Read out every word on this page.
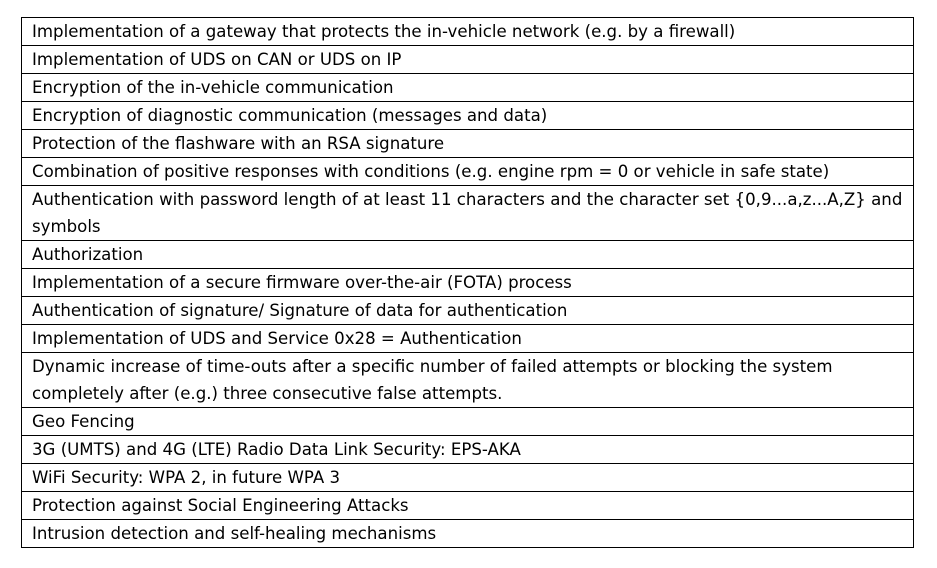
Implementation of a gateway that protects the in-vehicle network (e.g. by a firewall)

Implementation of UDS on CAN or UDS on IP

Encryption of the in-vehicle communication

Encryption of diagnostic communication (messages and data)

Protection of the flashware with an RSA signature

Combination of positive responses with conditions (e.g. engine rpm = 0 or vehicle in safe state)

Authentication with password length of at least 11 characters and the character set {0,9...a,z...A,Z} and symbols

Authorization

Implementation of a secure firmware over-the-air (FOTA) process

Authentication of signature/ Signature of data for authentication

Implementation of UDS and Service 0x28 = Authentication

Dynamic increase of time-outs after a specific number of failed attempts or blocking the system completely after (e.g.) three consecutive false attempts.

Geo Fencing

3G (UMTS) and 4G (LTE) Radio Data Link Security: EPS-AKA

WiFi Security: WPA 2, in future WPA 3

Protection against Social Engineering Attacks

Intrusion detection and self-healing mechanisms
